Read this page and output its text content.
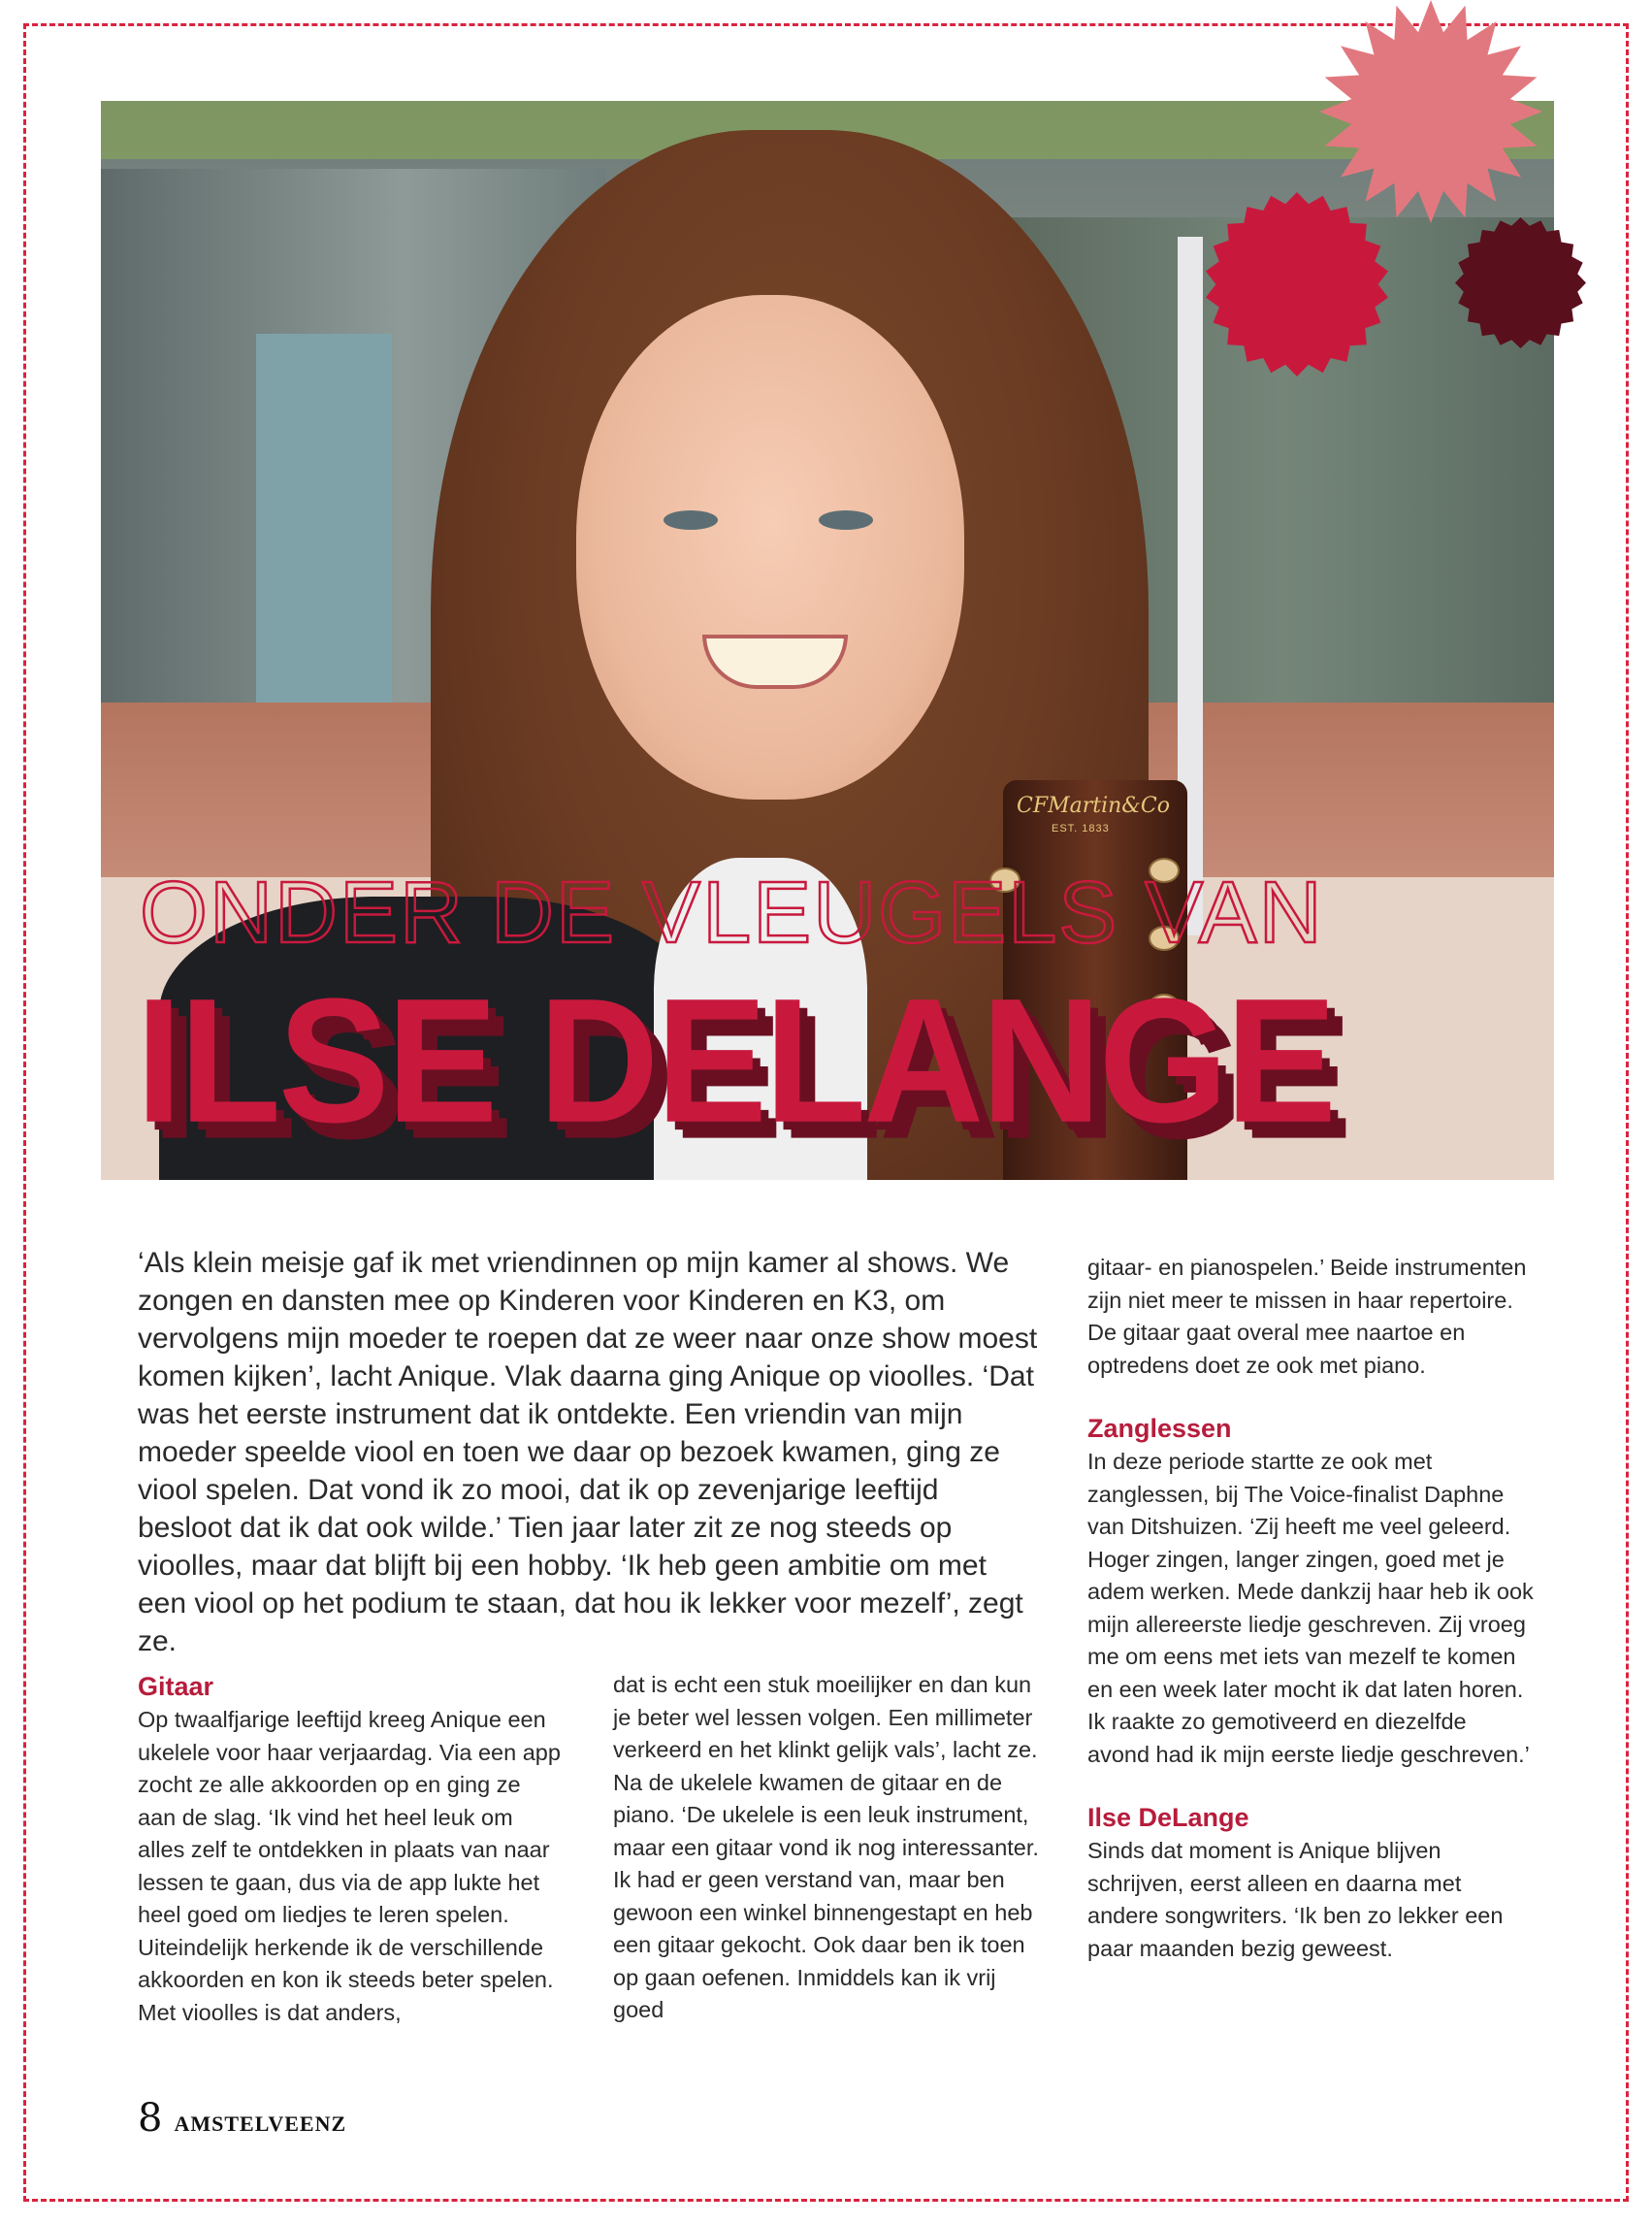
CFMartin&Co
EST. 1833
ONDER DE VLEUGELS VAN
ILSE DELANGE
‘Als klein meisje gaf ik met vriendinnen op mijn kamer al shows. We zongen en dansten mee op Kinderen voor Kinderen en K3, om vervolgens mijn moeder te roepen dat ze weer naar onze show moest komen kijken’, lacht Anique. Vlak daarna ging Anique op vioolles. ‘Dat was het eerste instrument dat ik ontdekte. Een vriendin van mijn moeder speelde viool en toen we daar op bezoek kwamen, ging ze viool spelen. Dat vond ik zo mooi, dat ik op zevenjarige leeftijd besloot dat ik dat ook wilde.’ Tien jaar later zit ze nog steeds op vioolles, maar dat blijft bij een hobby. ‘Ik heb geen ambitie om met een viool op het podium te staan, dat hou ik lekker voor mezelf’, zegt ze.
Gitaar

Op twaalfjarige leeftijd kreeg Anique een ukelele voor haar verjaardag. Via een app zocht ze alle akkoorden op en ging ze aan de slag. ‘Ik vind het heel leuk om alles zelf te ontdekken in plaats van naar lessen te gaan, dus via de app lukte het heel goed om liedjes te leren spelen. Uiteindelijk herkende ik de verschillende akkoorden en kon ik steeds beter spelen. Met vioolles is dat anders,

dat is echt een stuk moeilijker en dan kun je beter wel lessen volgen. Een millimeter verkeerd en het klinkt gelijk vals’, lacht ze. Na de ukelele kwamen de gitaar en de piano. ‘De ukelele is een leuk instrument, maar een gitaar vond ik nog interessanter. Ik had er geen verstand van, maar ben gewoon een winkel binnengestapt en heb een gitaar gekocht. Ook daar ben ik toen op gaan oefenen. Inmiddels kan ik vrij goed

gitaar- en pianospelen.’ Beide instrumenten zijn niet meer te missen in haar repertoire. De gitaar gaat overal mee naartoe en optredens doet ze ook met piano.

Zanglessen

In deze periode startte ze ook met zanglessen, bij The Voice-finalist Daphne van Ditshuizen. ‘Zij heeft me veel geleerd. Hoger zingen, langer zingen, goed met je adem werken. Mede dankzij haar heb ik ook mijn allereerste liedje geschreven. Zij vroeg me om eens met iets van mezelf te komen en een week later mocht ik dat laten horen. Ik raakte zo gemotiveerd en diezelfde avond had ik mijn eerste liedje geschreven.’

Ilse DeLange

Sinds dat moment is Anique blijven schrijven, eerst alleen en daarna met andere songwriters. ‘Ik ben zo lekker een paar maanden bezig geweest.

8 AMSTELVEENZ
